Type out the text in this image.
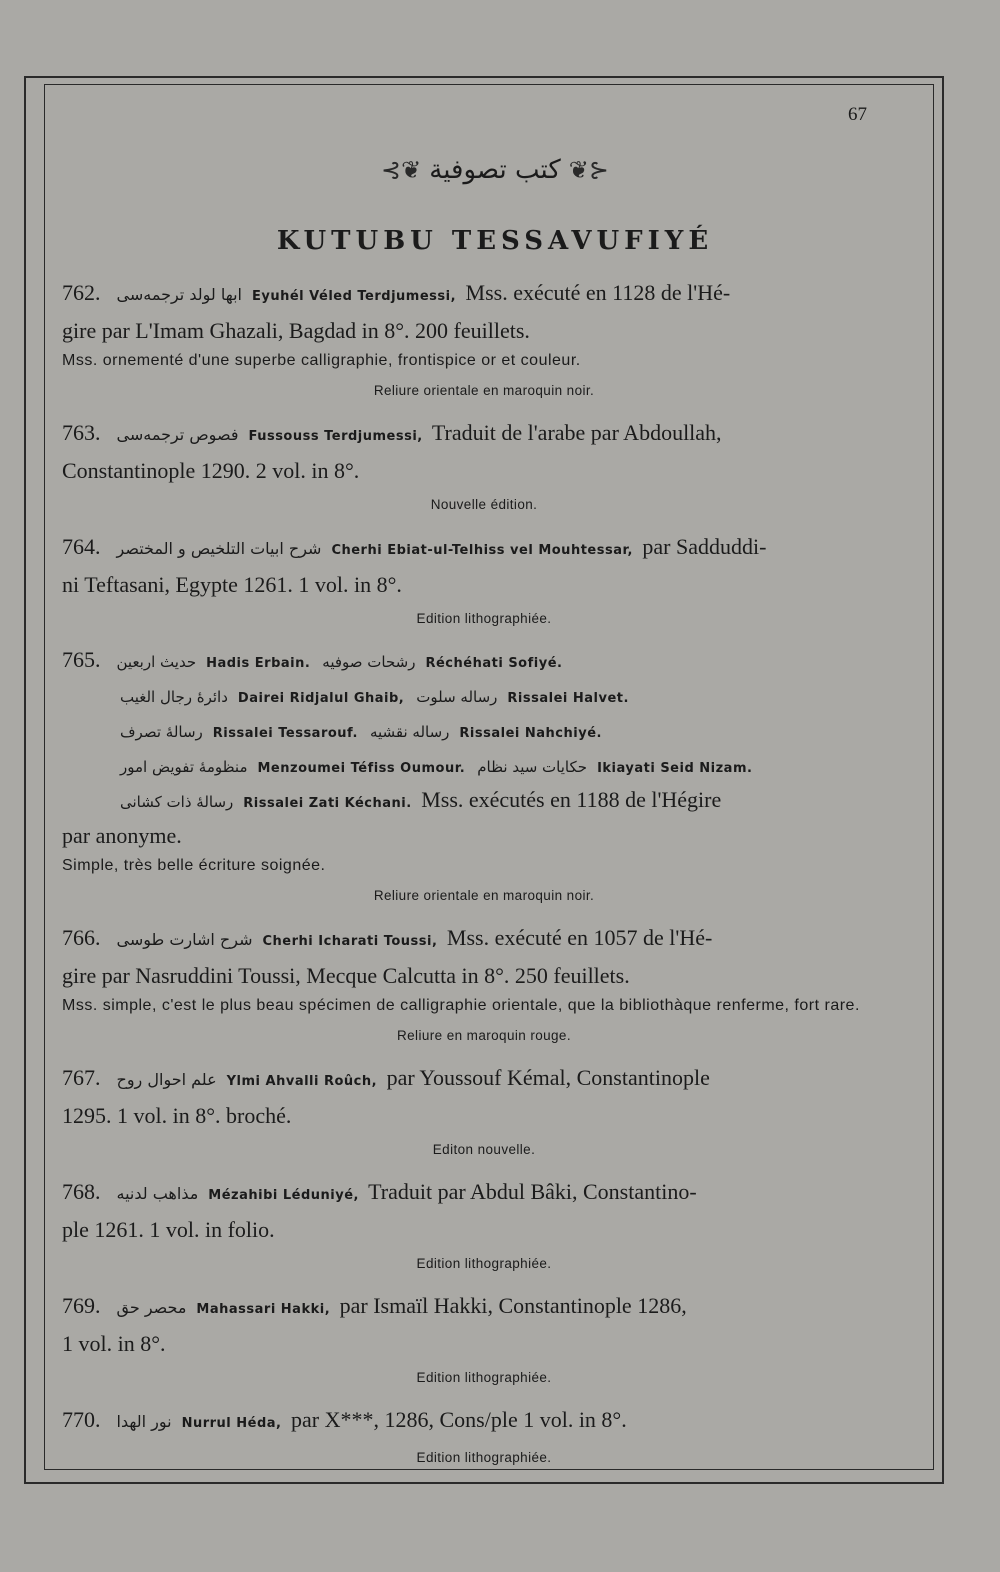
67
⊰❦ كتب تصوفية ❦⊱
KUTUBU TESSAVUFIYÉ
762. ابها لولد ترجمه‌سی Eyuhél Véled Terdjumessi, Mss. exécuté en 1128 de l'Hé-
gire par L'Imam Ghazali, Bagdad in 8°. 200 feuillets.
Mss. ornementé d'une superbe calligraphie, frontispice or et couleur.
Reliure orientale en maroquin noir.
763. فصوص ترجمه‌سی Fussouss Terdjumessi, Traduit de l'arabe par Abdoullah,
Constantinople 1290. 2 vol. in 8°.
Nouvelle édition.
764. شرح ابيات التلخيص و المختصر Cherhi Ebiat-ul-Telhiss vel Mouhtessar, par Sadduddi-
ni Teftasani, Egypte 1261. 1 vol. in 8°.
Edition lithographiée.
765. حديث اربعين Hadis Erbain. رشحات صوفيه Réchéhati Sofiyé.
دائرهٔ رجال الغيب Dairei Ridjalul Ghaib, رساله سلوت Rissalei Halvet.
رسالهٔ تصرف Rissalei Tessarouf. رساله نقشيه Rissalei Nahchiyé.
منظومهٔ تفويض امور Menzoumei Téfiss Oumour. حكايات سيد نظام Ikiayati Seid Nizam.
رسالهٔ ذات كشانی Rissalei Zati Kéchani. Mss. exécutés en 1188 de l'Hégire
par anonyme.
Simple, très belle écriture soignée.
Reliure orientale en maroquin noir.
766. شرح اشارت طوسی Cherhi Icharati Toussi, Mss. exécuté en 1057 de l'Hé-
gire par Nasruddini Toussi, Mecque Calcutta in 8°. 250 feuillets.
Mss. simple, c'est le plus beau spécimen de calligraphie orientale, que la bibliothàque renferme, fort rare.
Reliure en maroquin rouge.
767. علم احوال روح Ylmi Ahvalli Roûch, par Youssouf Kémal, Constantinople
1295. 1 vol. in 8°. broché.
Editon nouvelle.
768. مذاهب لدنيه Mézahibi Léduniyé, Traduit par Abdul Bâki, Constantino-
ple 1261. 1 vol. in folio.
Edition lithographiée.
769. محصر حق Mahassari Hakki, par Ismaïl Hakki, Constantinople 1286,
1 vol. in 8°.
Edition lithographiée.
770. نور الهدا Nurrul Héda, par X***, 1286, Cons/ple 1 vol. in 8°.
Edition lithographiée.
